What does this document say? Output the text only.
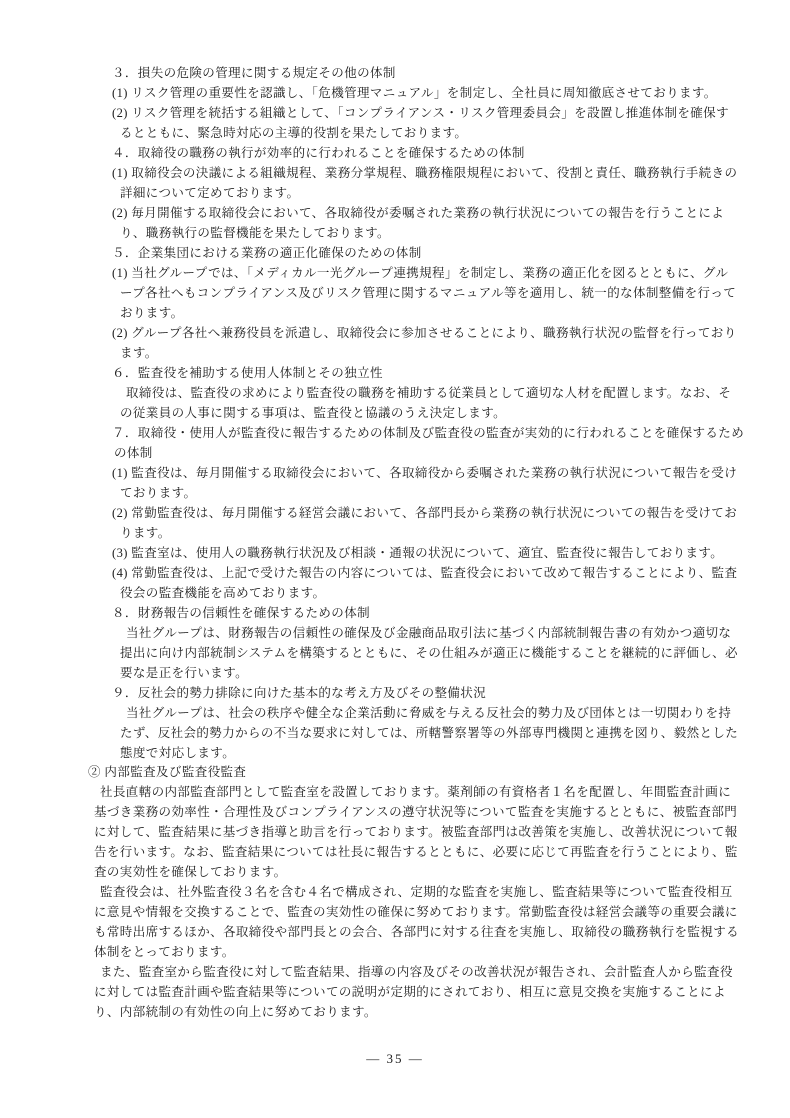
３．損失の危険の管理に関する規定その他の体制
(1) リスク管理の重要性を認識し、「危機管理マニュアル」を制定し、全社員に周知徹底させております。
(2) リスク管理を統括する組織として、「コンプライアンス・リスク管理委員会」を設置し推進体制を確保す
るとともに、緊急時対応の主導的役割を果たしております。
４．取締役の職務の執行が効率的に行われることを確保するための体制
(1) 取締役会の決議による組織規程、業務分掌規程、職務権限規程において、役割と責任、職務執行手続きの
詳細について定めております。
(2) 毎月開催する取締役会において、各取締役が委嘱された業務の執行状況についての報告を行うことによ
り、職務執行の監督機能を果たしております。
５．企業集団における業務の適正化確保のための体制
(1) 当社グループでは、「メディカル一光グループ連携規程」を制定し、業務の適正化を図るとともに、グル
ープ各社へもコンプライアンス及びリスク管理に関するマニュアル等を適用し、統一的な体制整備を行って
おります。
(2) グループ各社へ兼務役員を派遣し、取締役会に参加させることにより、職務執行状況の監督を行っており
ます。
６．監査役を補助する使用人体制とその独立性
取締役は、監査役の求めにより監査役の職務を補助する従業員として適切な人材を配置します。なお、そ
の従業員の人事に関する事項は、監査役と協議のうえ決定します。
７．取締役・使用人が監査役に報告するための体制及び監査役の監査が実効的に行われることを確保するため
の体制
(1) 監査役は、毎月開催する取締役会において、各取締役から委嘱された業務の執行状況について報告を受け
ております。
(2) 常勤監査役は、毎月開催する経営会議において、各部門長から業務の執行状況についての報告を受けてお
ります。
(3) 監査室は、使用人の職務執行状況及び相談・通報の状況について、適宜、監査役に報告しております。
(4) 常勤監査役は、上記で受けた報告の内容については、監査役会において改めて報告することにより、監査
役会の監査機能を高めております。
８．財務報告の信頼性を確保するための体制
当社グループは、財務報告の信頼性の確保及び金融商品取引法に基づく内部統制報告書の有効かつ適切な
提出に向け内部統制システムを構築するとともに、その仕組みが適正に機能することを継続的に評価し、必
要な是正を行います。
９．反社会的勢力排除に向けた基本的な考え方及びその整備状況
当社グループは、社会の秩序や健全な企業活動に脅威を与える反社会的勢力及び団体とは一切関わりを持
たず、反社会的勢力からの不当な要求に対しては、所轄警察署等の外部専門機関と連携を図り、毅然とした
態度で対応します。
② 内部監査及び監査役監査
社長直轄の内部監査部門として監査室を設置しております。薬剤師の有資格者１名を配置し、年間監査計画に
基づき業務の効率性・合理性及びコンプライアンスの遵守状況等について監査を実施するとともに、被監査部門
に対して、監査結果に基づき指導と助言を行っております。被監査部門は改善策を実施し、改善状況について報
告を行います。なお、監査結果については社長に報告するとともに、必要に応じて再監査を行うことにより、監
査の実効性を確保しております。
監査役会は、社外監査役３名を含む４名で構成され、定期的な監査を実施し、監査結果等について監査役相互
に意見や情報を交換することで、監査の実効性の確保に努めております。常勤監査役は経営会議等の重要会議に
も常時出席するほか、各取締役や部門長との会合、各部門に対する往査を実施し、取締役の職務執行を監視する
体制をとっております。
また、監査室から監査役に対して監査結果、指導の内容及びその改善状況が報告され、会計監査人から監査役
に対しては監査計画や監査結果等についての説明が定期的にされており、相互に意見交換を実施することによ
り、内部統制の有効性の向上に努めております。
― 35 ―
